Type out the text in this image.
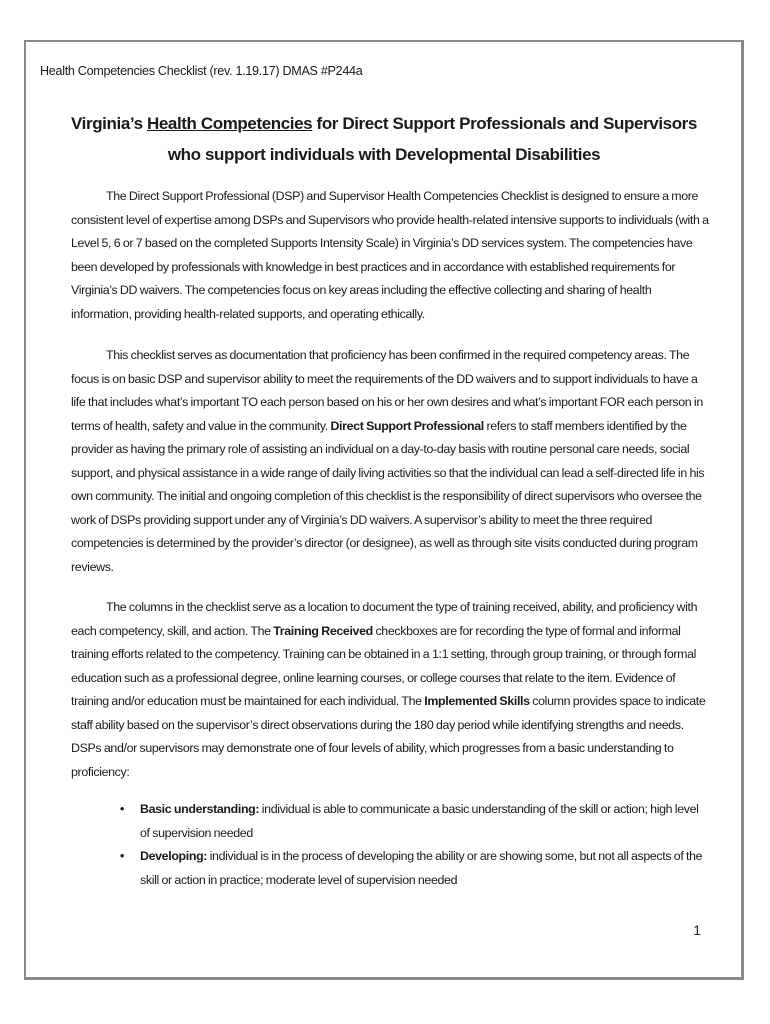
Health Competencies Checklist (rev. 1.19.17) DMAS #P244a
Virginia’s Health Competencies for Direct Support Professionals and Supervisors
who support individuals with Developmental Disabilities

The Direct Support Professional (DSP) and Supervisor Health Competencies Checklist is designed to ensure a more consistent level of expertise among DSPs and Supervisors who provide health-related intensive supports to individuals (with a Level 5, 6 or 7 based on the completed Supports Intensity Scale) in Virginia’s DD services system. The competencies have been developed by professionals with knowledge in best practices and in accordance with established requirements for Virginia’s DD waivers. The competencies focus on key areas including the effective collecting and sharing of health information, providing health-related supports, and operating ethically.

This checklist serves as documentation that proficiency has been confirmed in the required competency areas. The focus is on basic DSP and supervisor ability to meet the requirements of the DD waivers and to support individuals to have a life that includes what’s important TO each person based on his or her own desires and what’s important FOR each person in terms of health, safety and value in the community. Direct Support Professional refers to staff members identified by the provider as having the primary role of assisting an individual on a day-to-day basis with routine personal care needs, social support, and physical assistance in a wide range of daily living activities so that the individual can lead a self-directed life in his own community. The initial and ongoing completion of this checklist is the responsibility of direct supervisors who oversee the work of DSPs providing support under any of Virginia’s DD waivers. A supervisor’s ability to meet the three required competencies is determined by the provider’s director (or designee), as well as through site visits conducted during program reviews.

The columns in the checklist serve as a location to document the type of training received, ability, and proficiency with each competency, skill, and action. The Training Received checkboxes are for recording the type of formal and informal training efforts related to the competency. Training can be obtained in a 1:1 setting, through group training, or through formal education such as a professional degree, online learning courses, or college courses that relate to the item. Evidence of training and/or education must be maintained for each individual. The Implemented Skills column provides space to indicate staff ability based on the supervisor’s direct observations during the 180 day period while identifying strengths and needs. DSPs and/or supervisors may demonstrate one of four levels of ability, which progresses from a basic understanding to proficiency:

• Basic understanding: individual is able to communicate a basic understanding of the skill or action; high level of supervision needed
• Developing: individual is in the process of developing the ability or are showing some, but not all aspects of the skill or action in practice; moderate level of supervision needed
1
